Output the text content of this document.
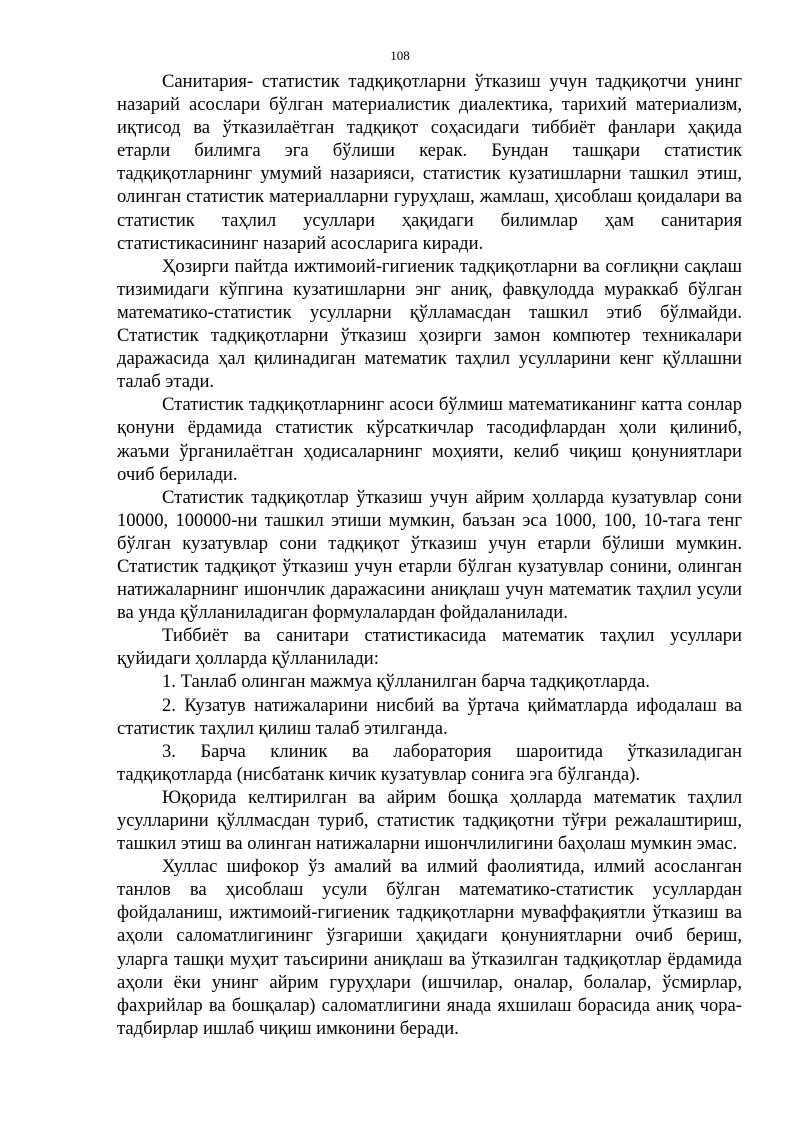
108

Санитария- статистик тадқиқотларни ўтказиш учун тадқиқотчи унинг назарий асослари бўлган материалистик диалектика, тарихий материализм, иқтисод ва ўтказилаётган тадқиқот соҳасидаги тиббиёт фанлари ҳақида етарли билимга эга бўлиши керак. Бундан ташқари статистик тадқиқотларнинг умумий назарияси, статистик кузатишларни ташкил этиш, олинган статистик материалларни гуруҳлаш, жамлаш, ҳисоблаш қоидалари ва статистик таҳлил усуллари ҳақидаги билимлар ҳам санитария статистикасининг назарий асосларига киради.

Ҳозирги пайтда ижтимоий-гигиеник тадқиқотларни ва соғлиқни сақлаш тизимидаги кўпгина кузатишларни энг аниқ, фавқулодда мураккаб бўлган математико-статистик усулларни қўлламасдан ташкил этиб бўлмайди. Статистик тадқиқотларни ўтказиш ҳозирги замон компютер техникалари даражасида ҳал қилинадиган математик таҳлил усулларини кенг қўллашни талаб этади.

Статистик тадқиқотларнинг асоси бўлмиш математиканинг катта сонлар қонуни ёрдамида статистик кўрсаткичлар тасодифлардан ҳоли қилиниб, жаъми ўрганилаётган ҳодисаларнинг моҳияти, келиб чиқиш қонуниятлари очиб берилади.

Статистик тадқиқотлар ўтказиш учун айрим ҳолларда кузатувлар сони 10000, 100000-ни ташкил этиши мумкин, баъзан эса 1000, 100, 10-тага тенг бўлган кузатувлар сони тадқиқот ўтказиш учун етарли бўлиши мумкин. Статистик тадқиқот ўтказиш учун етарли бўлган кузатувлар сонини, олинган натижаларнинг ишончлик даражасини аниқлаш учун математик таҳлил усули ва унда қўлланиладиган формулалардан фойдаланилади.

Тиббиёт ва санитари статистикасида математик таҳлил усуллари қуйидаги ҳолларда қўлланилади:

1. Танлаб олинган мажмуа қўлланилган барча тадқиқотларда.

2. Кузатув натижаларини нисбий ва ўртача қийматларда ифодалаш ва статистик таҳлил қилиш талаб этилганда.

3. Барча клиник ва лаборатория шароитида ўтказиладиган тадқиқотларда (нисбатанк кичик кузатувлар сонига эга бўлганда).

Юқорида келтирилган ва айрим бошқа ҳолларда математик таҳлил усулларини қўллмасдан туриб, статистик тадқиқотни тўғри режалаштириш, ташкил этиш ва олинган натижаларни ишончлилигини баҳолаш мумкин эмас.

Хуллас шифокор ўз амалий ва илмий фаолиятида, илмий асосланган танлов ва ҳисоблаш усули бўлган математико-статистик усуллардан фойдаланиш, ижтимоий-гигиеник тадқиқотларни муваффақиятли ўтказиш ва аҳоли саломатлигининг ўзгариши ҳақидаги қонуниятларни очиб бериш, уларга ташқи муҳит таъсирини аниқлаш ва ўтказилган тадқиқотлар ёрдамида аҳоли ёки унинг айрим гуруҳлари (ишчилар, оналар, болалар, ўсмирлар, фахрийлар ва бошқалар) саломатлигини янада яхшилаш борасида аниқ чора-тадбирлар ишлаб чиқиш имконини беради.
